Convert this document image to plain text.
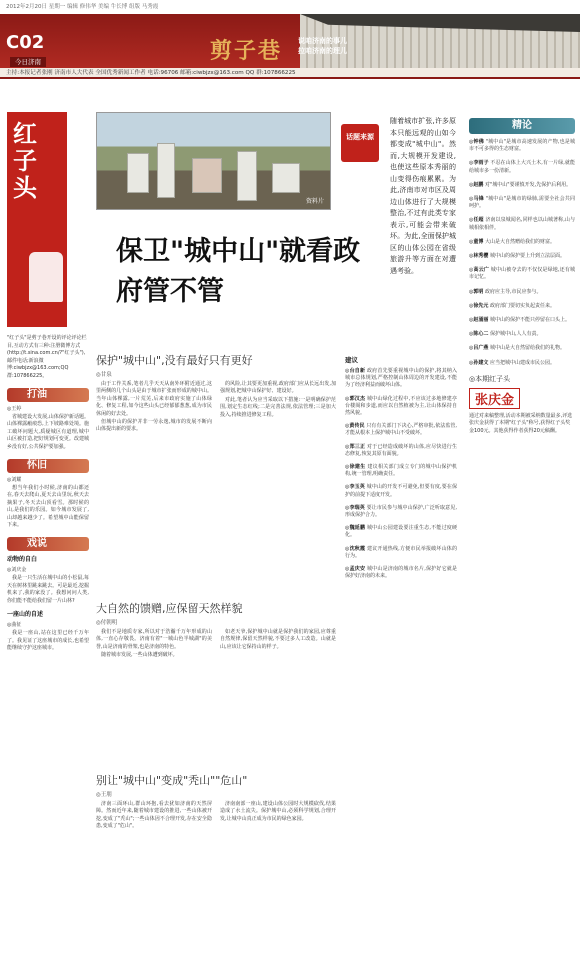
2012年2月20日 星期一 编辑 修伟华 美编 牛长博 组版 马秀霞
C02
今日济南	剪子巷 说咱济南的事儿
拉咱济南的理儿
主持:本报记者张刚 济南市人大代表 全国优秀新闻工作者 电话:96706 邮箱:ciwbjzx@163.com QQ 群:107866225
红子头
"红子头"是剪子巷开设的评论评论栏目,互动方式有三种:注册微博方式(http://t.sina.com.cn/?"红子头"),邮件电话;新浪微博:ciwbjzx@163.com;QQ群:107866225。
打油
◎王婷

省城建设大发展,山体保护新话题。山体裸露瘢痕恐,上下坡路难处境。施工破坏问题大,质疑城区有道理,城中山区被打造,把好规划可变更。改建城乡没有好,公共保护要加强。

怀旧
◎刘耀

想当年我们小时候,济南的山都还在,春天去爬山,夏天去山里玩,秋天去摘果子,冬天去山顶看雪。那时候的山,是我们的乐园。如今城市发展了,山却越来越少了。希望城中山能保留下来。

戏说
动物的自白
◎刘庆金

我是一只生活在城中山的小松鼠,每天在树林里跳来跳去。可是最近,挖掘机来了,我的家没了。我想问问人类,你们能不能给我们留一片山林?

一座山的自述
◎曲征

我是一座山,站在这里已经千万年了。我见证了这座城市的成长,也希望能继续守护这座城市。

资料片
话题来源
随着城市扩张,许多原本只能远观的山如今都变成"城中山"。然而,大规模开发建设,也使这些原本秀丽的山变得伤痕累累。为此,济南市对市区及周边山体进行了大规模整治,不过有此类专家表示,可能会带来破坏。为此,全面保护城区的山体公园在省级旅游升等方面在对遭遇考验。
保卫"城中山"就看政府管不管
保护"城中山",没有最好只有更好
◎甘泉

由于工作关系,笔者几乎天天从南外环附近通过,这里两侧的几个山头是由于城市扩张而形成的城中山。当年山体裸露,一片荒芜,后来市政府实施了山体绿化、修复工程,如今这些山头已经郁郁葱葱,成为市民休闲的好去处。

但城中山的保护并非一劳永逸,城市的发展不断向山体提出新的要求。

的风险,让其要更加重视,政府部门应从长远出发,加强规划,把城中山保护好、建设好。

对此,笔者认为应当采取以下措施:一是明确保护范围,划定生态红线;二是完善法规,依法管理;三是加大投入,持续推进修复工程。

大自然的馈赠,应保留天然样貌
◎付朝明

我们不是地质专家,所以对于浩瀚千万年形成的山体,一直心存敬畏。济南有着"一城山色半城湖"的美誉,山是济南的骨架,也是济南的特色。

随着城市发展,一些山体遭到破坏。

如老天爷,保护城中山就是保护我们的家园,应尊重自然规律,保留天然样貌,不要过多人工改造。山就是山,应该让它保持山的样子。

别让"城中山"变成"秃山""危山"
◎王朋

济南三面环山,群山环抱,看去犹如济南的天然屏障。然而近年来,随着城市建设的推进,一些山体被开挖,变成了"秃山";一些山体因不合理开发,存在安全隐患,变成了"危山"。

济南南部一座山,建设山体公园时大规模砍伐,结果造成了水土流失。保护城中山,必须科学规划,合理开发,让城中山真正成为市民的绿色家园。

建议
◎台自新 政府首先要重视城中山的保护,将其纳入城市总体规划,严格控制山体周边的开发建设,不能为了经济利益而破坏山体。
◎郭汉杰 城中山绿化过程中,不应该过多地修建亭台楼阁和步道,而应以自然植被为主,让山体保持自然风貌。
◎黄传民 只有有关部门下决心,严格审批,依法监管,才能从根本上保护城中山不受破坏。
◎郑三正 对于已经造成破坏的山体,应尽快进行生态修复,恢复其原有面貌。
◎徐建生 建议相关部门成立专门的城中山保护机构,统一管理,明确责任。
◎李玉英 城中山的开发不可避免,但要有度,要在保护的前提下适度开发。
◎李瑞英 要让市民参与城中山保护,广泛听取意见,形成保护合力。
◎魏延鹏 城中山公园建设要注重生态,不能过度硬化。
◎沈秋霞 建议开通热线,方便市民举报破坏山体的行为。
◎孟庆安 城中山是济南的城市名片,保护好它就是保护好济南的未来。
精论
◎钟佛 "城中山"是城市高速发展的产物,也是城市不可多得的生态财富。
◎李雨子 不忍在山体上大兴土木,有一片绿,就能给城市多一份清新。
◎赵鹏 对"城中山"要谨慎开发,先保护后利用。
◎马锋 "城中山"是城市的绿肺,需要全社会共同呵护。
◎任超 济南以泉城闻名,同样也以山城著称,山与城相依相伴。
◎童博 大山是大自然赠给我们的财富。
◎林秀樱 城中山的保护要上升到立法层面。
◎高云广 城中山被夺去的不仅仅是绿地,还有城市记忆。
◎郭明 政府应主导,市民应参与。
◎徐先元 政府部门要切实负起责任来。
◎赵涌丽 城中山的保护不能只停留在口头上。
◎陈心二 保护城中山,人人有责。
◎吕广燕 城中山是大自然留给我们的礼物。
◎孙建文 应当把城中山建成市民公园。
◎本期红子头
张庆金
通过对来稿整理,活动本期被采纳数量最多,评选张庆金获得了本期"红子头"称号,获得红子头奖金100元。其他获得作者获得20元稿酬。
